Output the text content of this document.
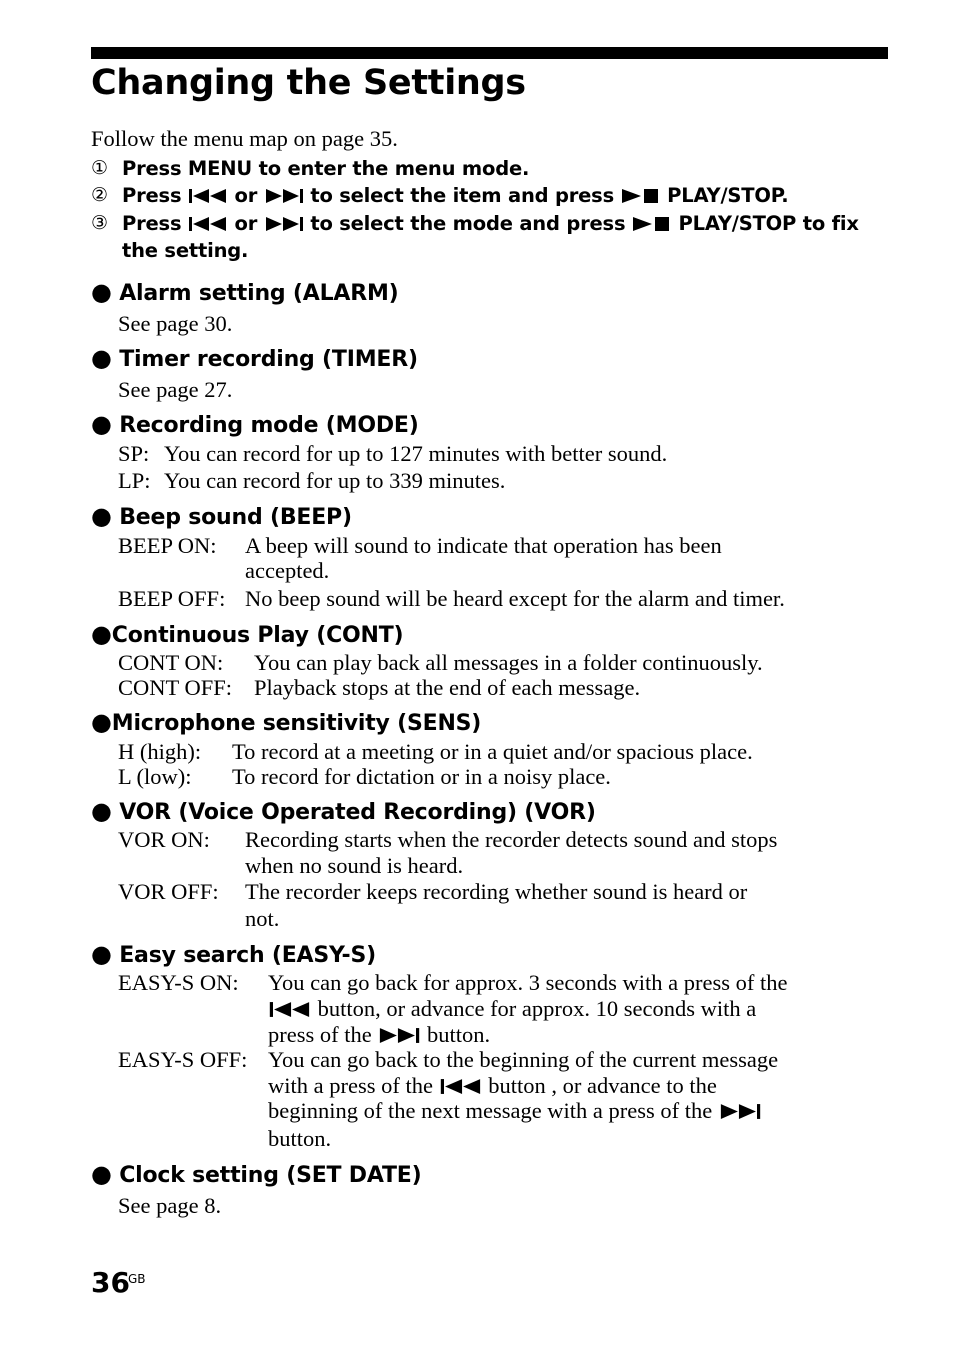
Changing the Settings
Follow the menu map on page 35.
① Press MENU to enter the menu mode.
② Press  or  to select the item and press  PLAY/STOP.
③ Press  or  to select the mode and press  PLAY/STOP to fix
the setting.
● Alarm setting (ALARM)
See page 30.
● Timer recording (TIMER)
See page 27.
● Recording mode (MODE)
SP: You can record for up to 127 minutes with better sound.
LP: You can record for up to 339 minutes.
● Beep sound (BEEP)
BEEP ON: A beep will sound to indicate that operation has been
accepted.
BEEP OFF: No beep sound will be heard except for the alarm and timer.
●Continuous Play (CONT)
CONT ON: You can play back all messages in a folder continuously.
CONT OFF: Playback stops at the end of each message.
●Microphone sensitivity (SENS)
H (high): To record at a meeting or in a quiet and/or spacious place.
L (low): To record for dictation or in a noisy place.
● VOR (Voice Operated Recording) (VOR)
VOR ON: Recording starts when the recorder detects sound and stops
when no sound is heard.
VOR OFF: The recorder keeps recording whether sound is heard or
not.
● Easy search (EASY-S)
EASY-S ON: You can go back for approx. 3 seconds with a press of the
button, or advance for approx. 10 seconds with a
press of the  button.
EASY-S OFF: You can go back to the beginning of the current message
with a press of the  button , or advance to the
beginning of the next message with a press of the
button.
● Clock setting (SET DATE)
See page 8.
36
GB
